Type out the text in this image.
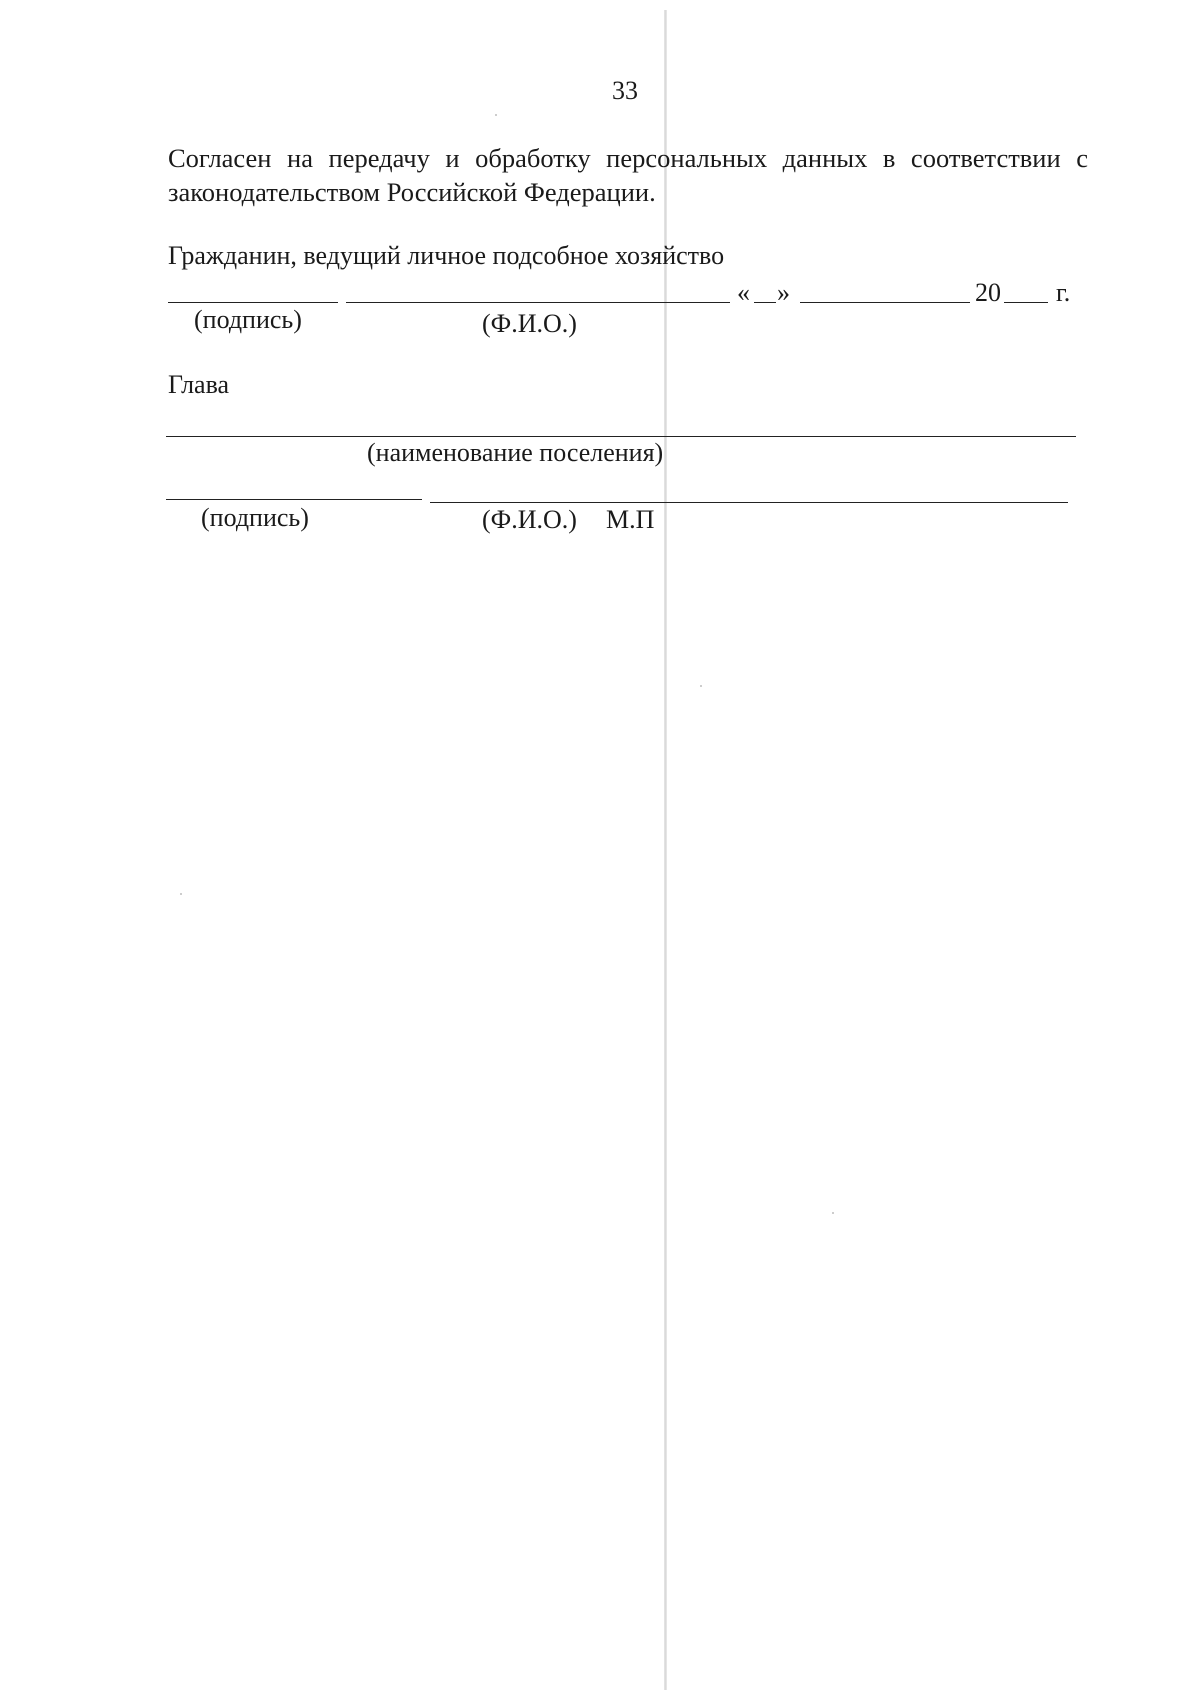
33
Согласен на передачу и обработку персональных данных в соответствии с
законодательством Российской Федерации.
Гражданин, ведущий личное подсобное хозяйство
« »	20 г.
(подпись)	(Ф.И.О.)
Глава
(наименование поселения)
(подпись)	(Ф.И.О.) М.П
